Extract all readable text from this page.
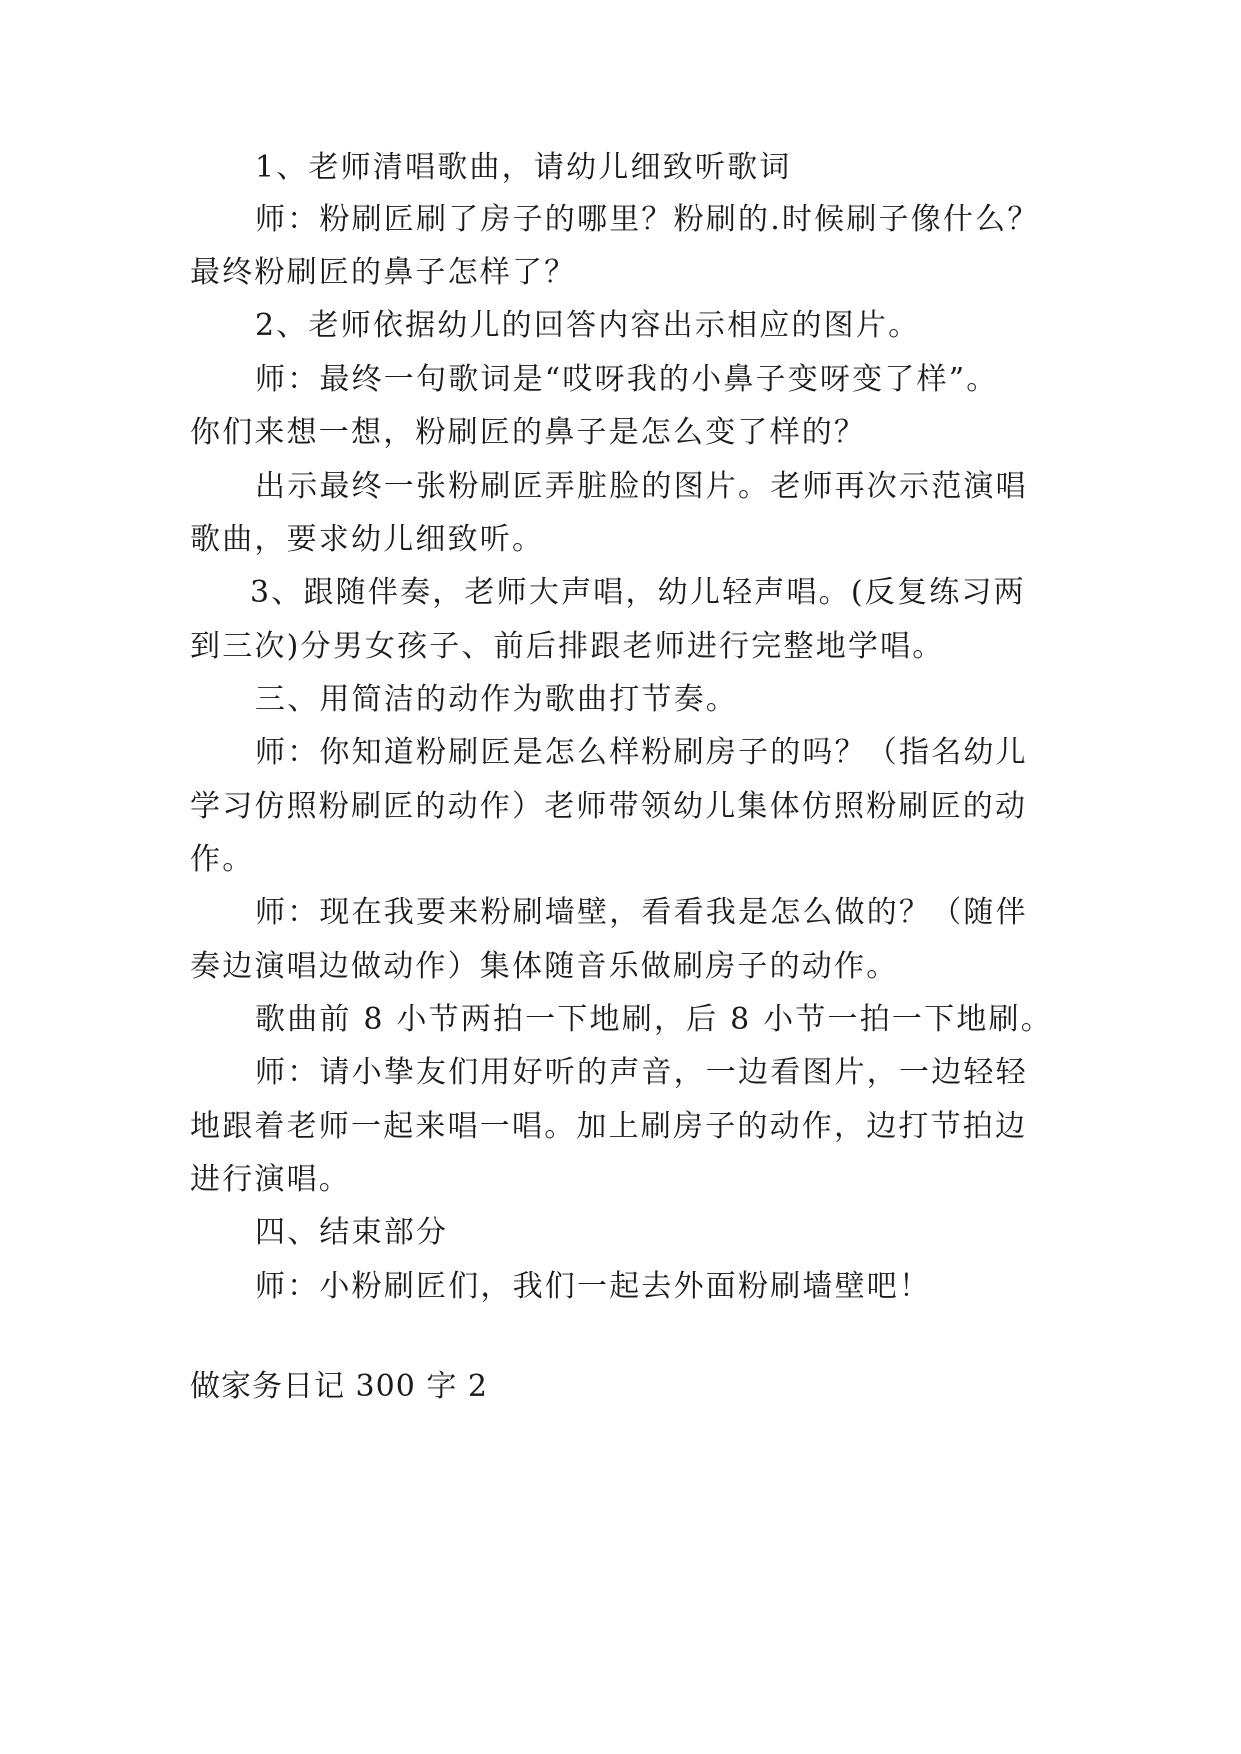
1、老师清唱歌曲，请幼儿细致听歌词
师：粉刷匠刷了房子的哪里？粉刷的.时候刷子像什么？
最终粉刷匠的鼻子怎样了？
2、老师依据幼儿的回答内容出示相应的图片。
师：最终一句歌词是“哎呀我的小鼻子变呀变了样”。
你们来想一想，粉刷匠的鼻子是怎么变了样的？
出示最终一张粉刷匠弄脏脸的图片。老师再次示范演唱
歌曲，要求幼儿细致听。
3、跟随伴奏，老师大声唱，幼儿轻声唱。(反复练习两
到三次)分男女孩子、前后排跟老师进行完整地学唱。
三、用简洁的动作为歌曲打节奏。
师：你知道粉刷匠是怎么样粉刷房子的吗？（指名幼儿
学习仿照粉刷匠的动作）老师带领幼儿集体仿照粉刷匠的动
作。
师：现在我要来粉刷墙壁，看看我是怎么做的？（随伴
奏边演唱边做动作）集体随音乐做刷房子的动作。
歌曲前 8 小节两拍一下地刷，后 8 小节一拍一下地刷。
师：请小挚友们用好听的声音，一边看图片，一边轻轻
地跟着老师一起来唱一唱。加上刷房子的动作，边打节拍边
进行演唱。
四、结束部分
师：小粉刷匠们，我们一起去外面粉刷墙壁吧！
做家务日记 300 字 2
